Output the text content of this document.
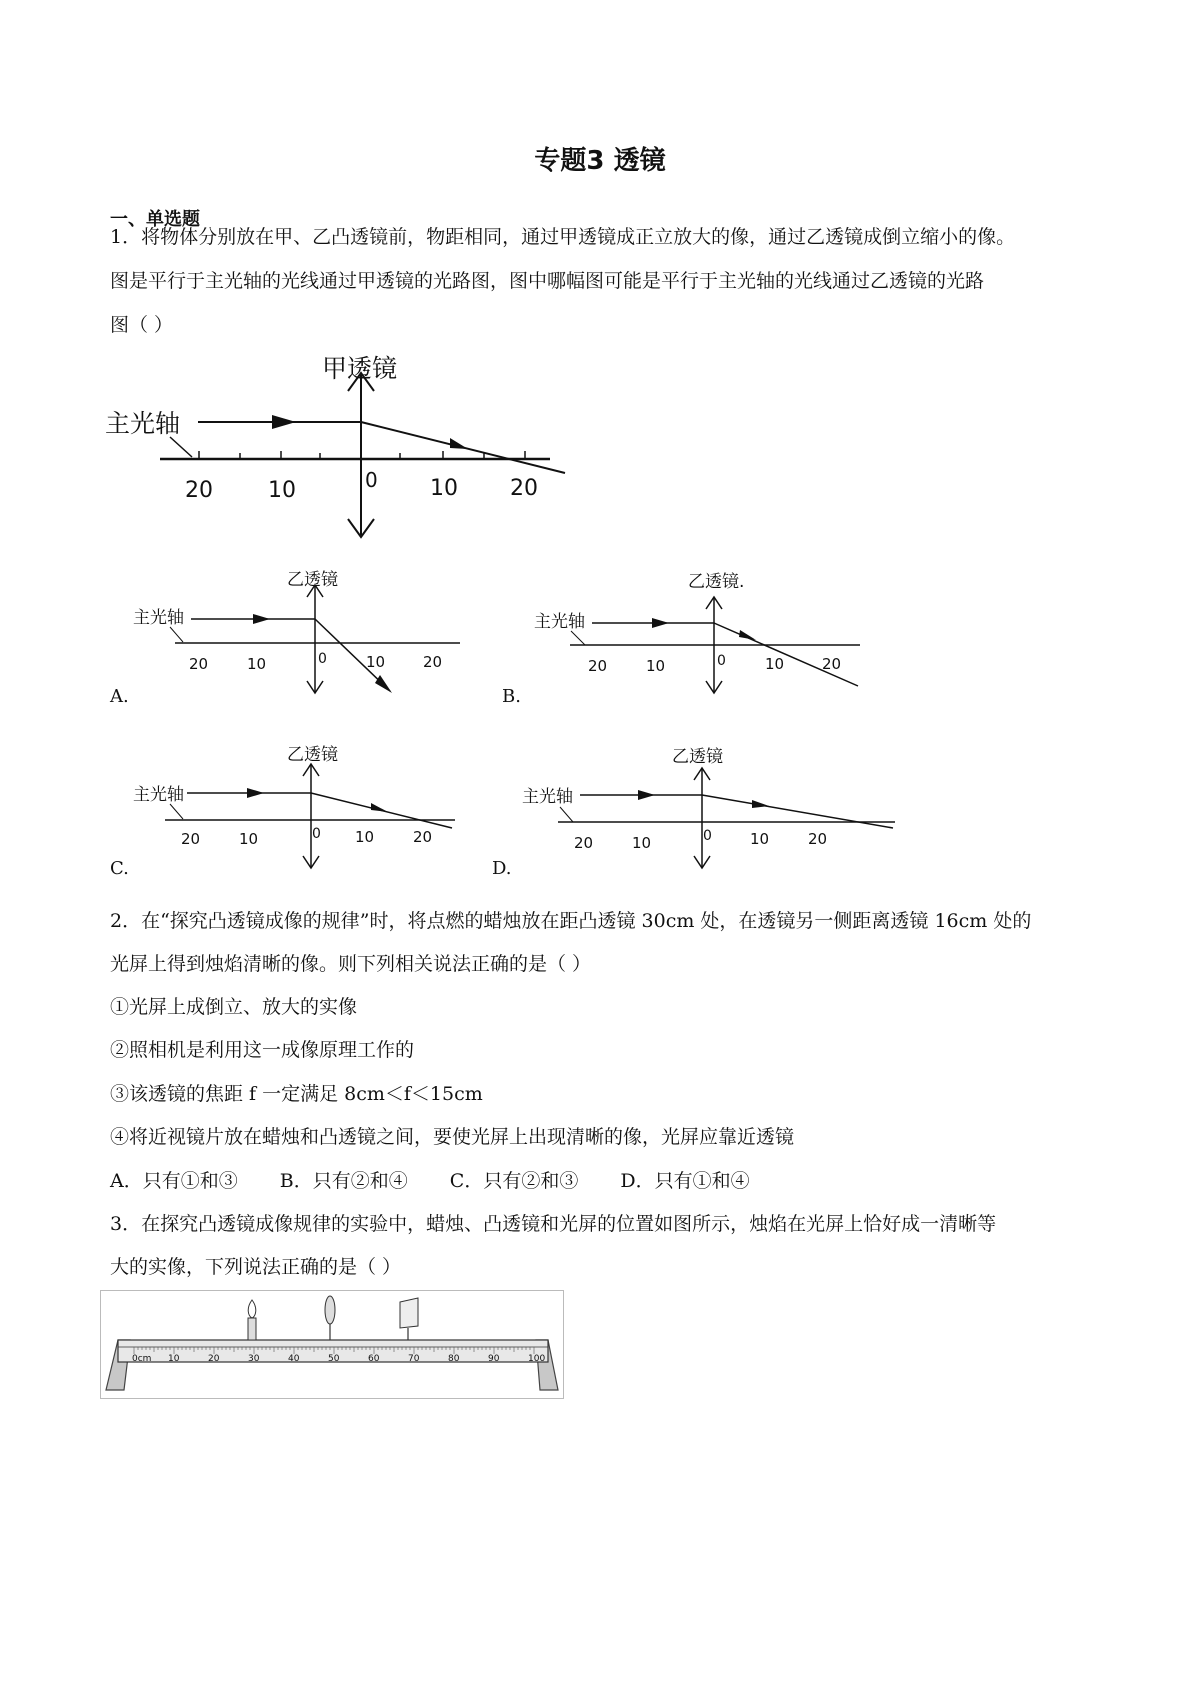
专题3 透镜
一、单选题
1．将物体分别放在甲、乙凸透镜前，物距相同，通过甲透镜成正立放大的像，通过乙透镜成倒立缩小的像。
图是平行于主光轴的光线通过甲透镜的光路图，图中哪幅图可能是平行于主光轴的光线通过乙透镜的光路
图（ ）
甲透镜
主光轴
20	10	0 10 20
乙透镜
主光轴
20	10	0	10	20
A.
乙透镜.
主光轴
20	10	0	10	20
B.
乙透镜
主光轴
20	10	0 10	20
C.
乙透镜
主光轴
20	10	0	10	20
D.
2．在“探究凸透镜成像的规律”时，将点燃的蜡烛放在距凸透镜 30cm 处，在透镜另一侧距离透镜 16cm 处的
光屏上得到烛焰清晰的像。则下列相关说法正确的是（ ）
①光屏上成倒立、放大的实像
②照相机是利用这一成像原理工作的
③该透镜的焦距 f 一定满足 8cm＜f＜15cm
④将近视镜片放在蜡烛和凸透镜之间，要使光屏上出现清晰的像，光屏应靠近透镜
A．只有①和③ B．只有②和④ C．只有②和③ D．只有①和④
3．在探究凸透镜成像规律的实验中，蜡烛、凸透镜和光屏的位置如图所示，烛焰在光屏上恰好成一清晰等
大的实像，下列说法正确的是（ ）
0cm 10	20	30	40	50	60	70	80	90	100
